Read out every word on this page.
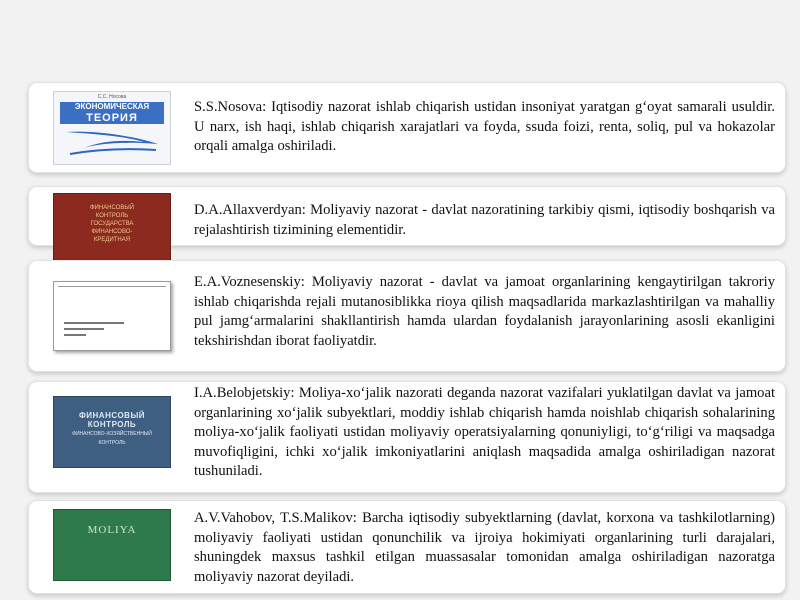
С.С. Носова
ЭКОНОМИЧЕСКАЯ
ТЕОРИЯ
S.S.Nosova: Iqtisodiy nazorat ishlab chiqarish ustidan insoniyat yaratgan g‘oyat samarali usuldir. U narx, ish haqi, ishlab chiqarish xarajatlari va foyda, ssuda foizi, renta, soliq, pul va hokazolar orqali amalga oshiriladi.
ФИНАНСОВЫЙ
КОНТРОЛЬ
ГОСУДАРСТВА
ФИНАНСОВО-
КРЕДИТНАЯ
D.A.Allaxverdyan: Moliyaviy nazorat - davlat nazoratining tarkibiy qismi, iqtisodiy boshqarish va rejalashtirish tizimining elementidir.
E.A.Voznesenskiy: Moliyaviy nazorat - davlat va jamoat organlarining kengaytirilgan takroriy ishlab chiqarishda rejali mutanosiblikka rioya qilish maqsadlarida markazlashtirilgan va mahalliy pul jamg‘armalarini shakllantirish hamda ulardan foydalanish jarayonlarining asosli ekanligini tekshirishdan iborat faoliyatdir.
ФИНАНСОВЫЙ КОНТРОЛЬ
ФИНАНСОВО-ХОЗЯЙСТВЕННЫЙ
КОНТРОЛЬ
I.A.Belobjetskiy: Moliya-xo‘jalik nazorati deganda nazorat vazifalari yuklatilgan davlat va jamoat organlarining xo‘jalik subyektlari, moddiy ishlab chiqarish hamda noishlab chiqarish sohalarining moliya-xo‘jalik faoliyati ustidan moliyaviy operatsiyalarning qonuniyligi, to‘g‘riligi va maqsadga muvofiqligini, ichki xo‘jalik imkoniyatlarini aniqlash maqsadida amalga oshiriladigan nazorat tushuniladi.
MOLIYA
A.V.Vahobov, T.S.Malikov: Barcha iqtisodiy subyektlarning (davlat, korxona va tashkilotlarning) moliyaviy faoliyati ustidan qonunchilik va ijroiya hokimiyati organlarining turli darajalari, shuningdek maxsus tashkil etilgan muassasalar tomonidan amalga oshiriladigan nazoratga moliyaviy nazorat deyiladi.
